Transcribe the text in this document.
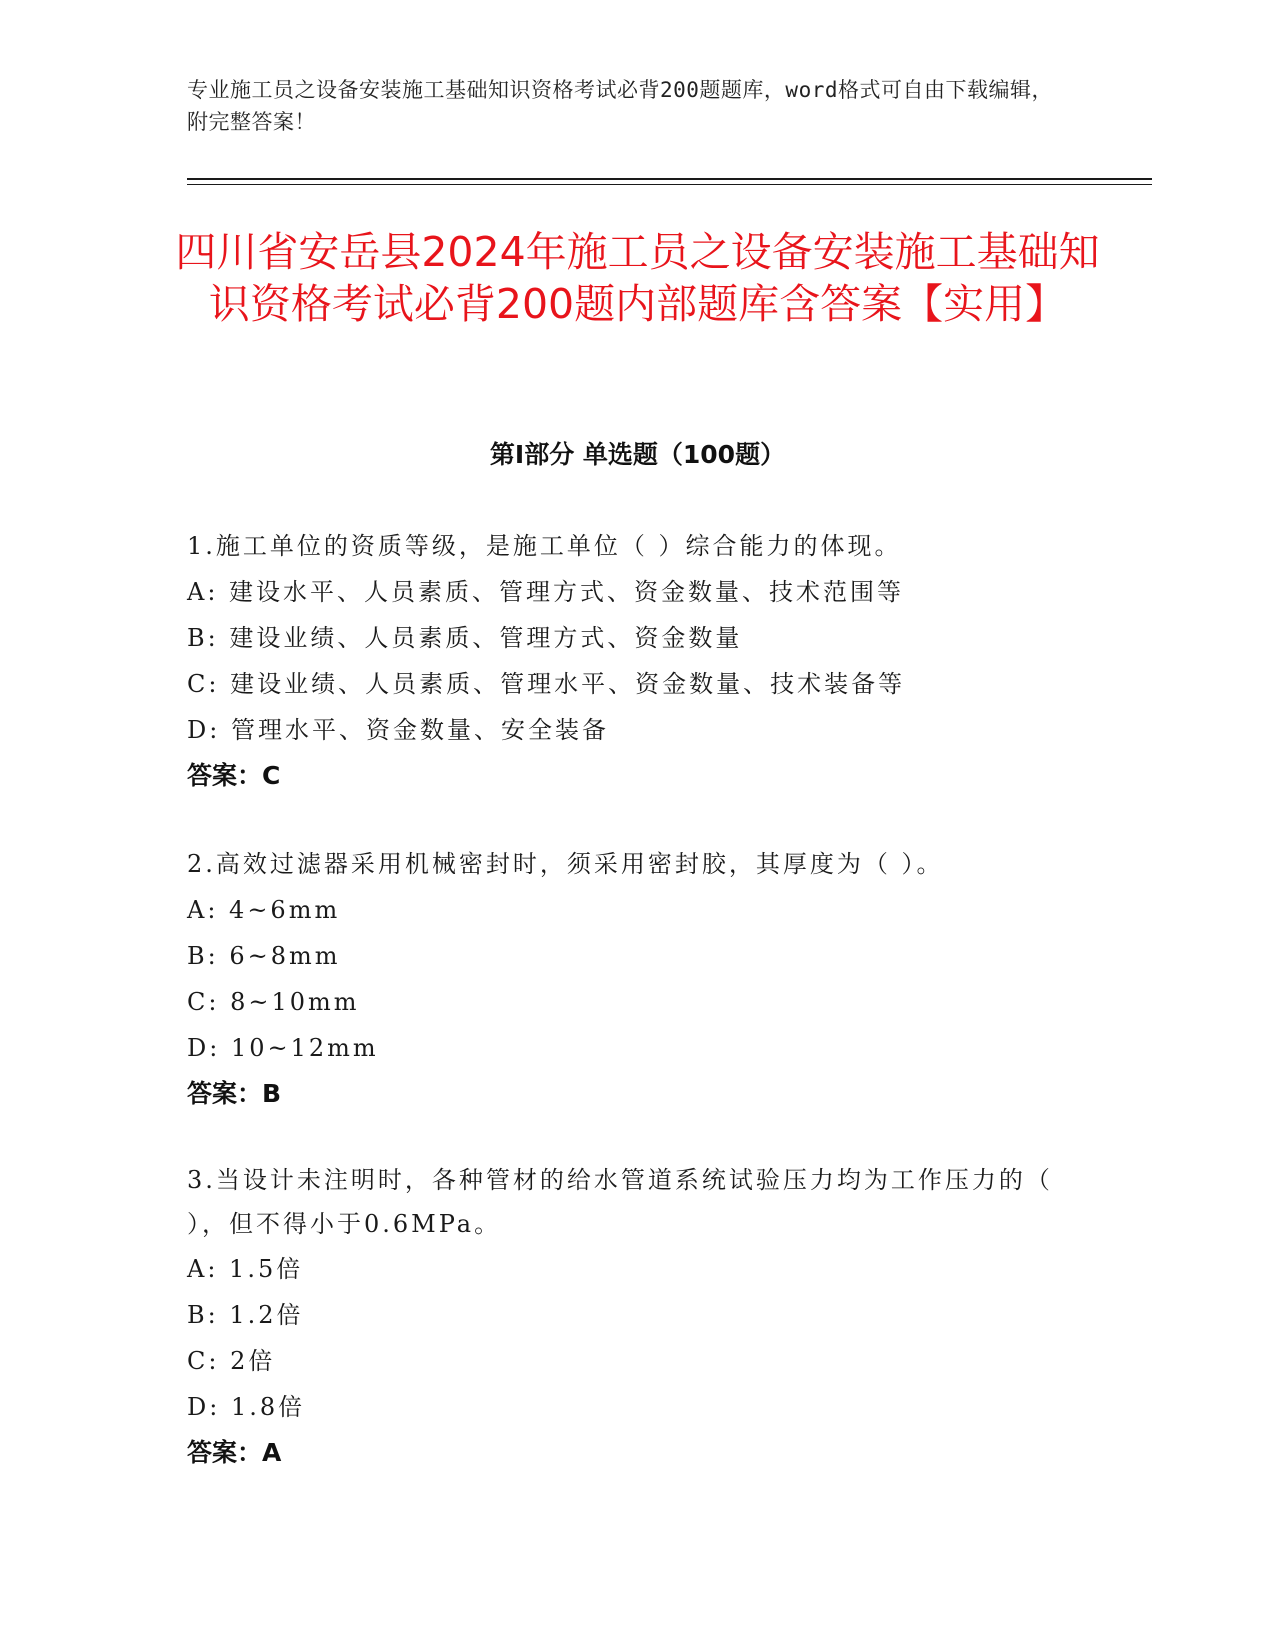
专业施工员之设备安装施工基础知识资格考试必背200题题库，word格式可自由下载编辑，附完整答案！
四川省安岳县2024年施工员之设备安装施工基础知识资格考试必背200题内部题库含答案【实用】
第Ⅰ部分 单选题（100题）

1.施工单位的资质等级，是施工单位（ ）综合能力的体现。

A: 建设水平、人员素质、管理方式、资金数量、技术范围等

B: 建设业绩、人员素质、管理方式、资金数量

C: 建设业绩、人员素质、管理水平、资金数量、技术装备等

D: 管理水平、资金数量、安全装备

答案：C

2.高效过滤器采用机械密封时，须采用密封胶，其厚度为（ ）。

A: 4~6mm

B: 6~8mm

C: 8~10mm

D: 10~12mm

答案：B

3.当设计未注明时，各种管材的给水管道系统试验压力均为工作压力的（ ），但不得小于0.6MPa。

A: 1.5倍

B: 1.2倍

C: 2倍

D: 1.8倍

答案：A
